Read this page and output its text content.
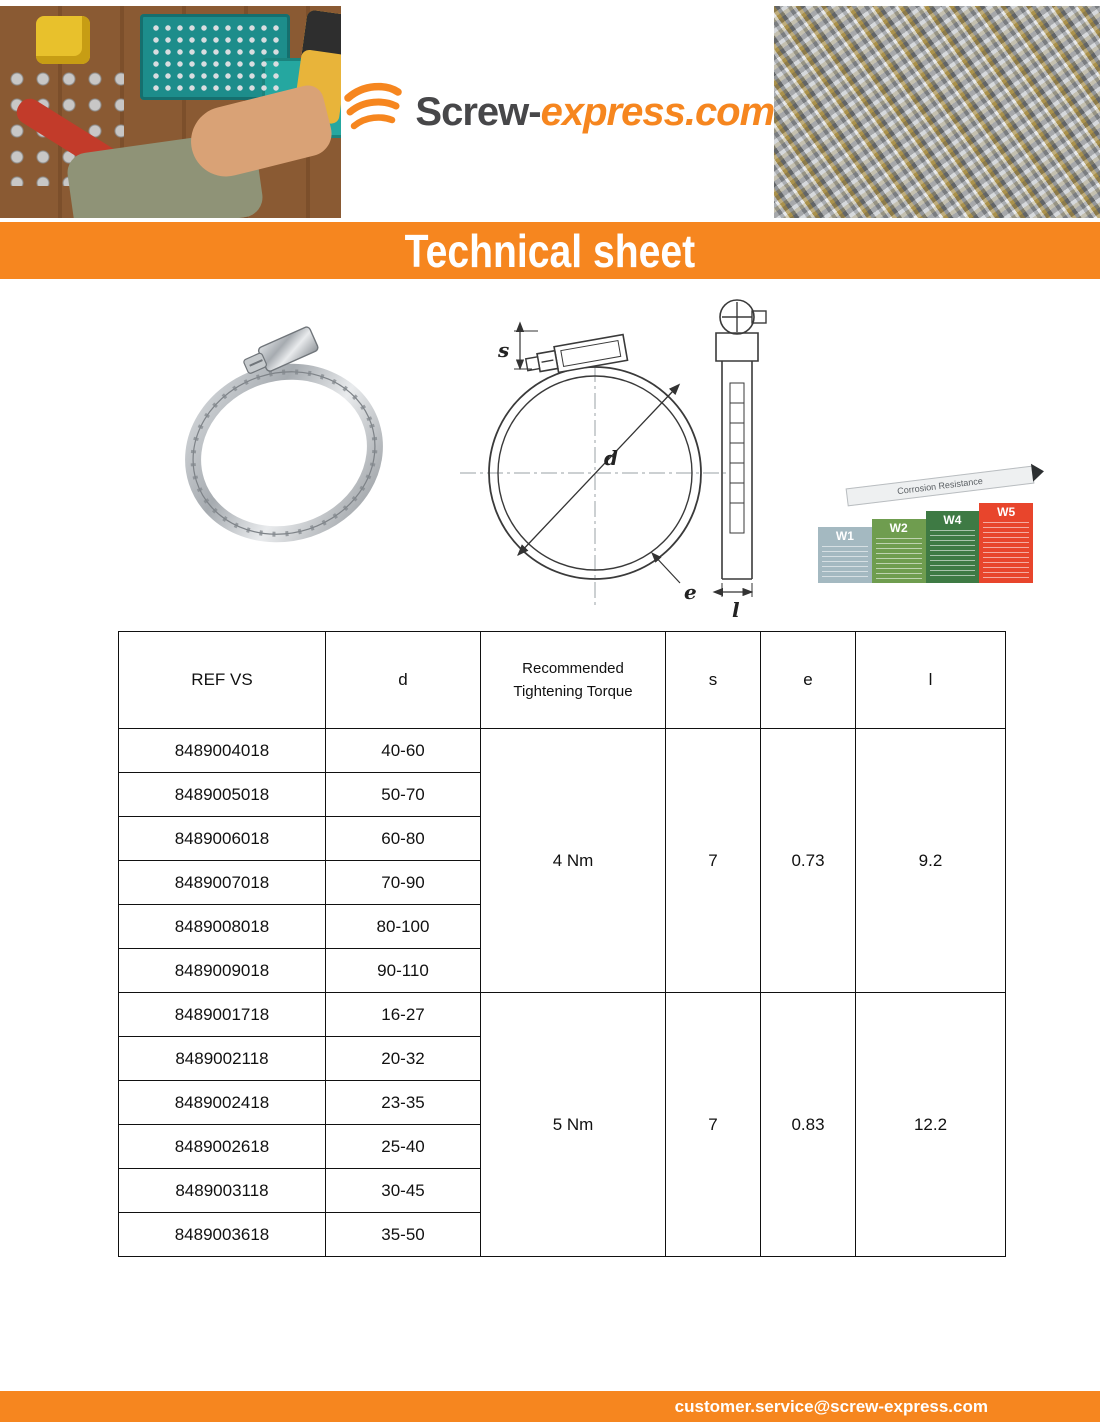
Screw-express.com
Technical sheet
s
d
e
l
Corrosion Resistance
W1
W2
W4
W5
REF VS	d	Recommended Tightening Torque	s	e	l
8489004018	40-60	4 Nm	7	0.73	9.2
8489005018	50-70				
8489006018	60-80				
8489007018	70-90				
8489008018	80-100				
8489009018	90-110				
8489001718	16-27	5 Nm	7	0.83	12.2
8489002118	20-32				
8489002418	23-35				
8489002618	25-40				
8489003118	30-45				
8489003618	35-50				
customer.service@screw-express.com
